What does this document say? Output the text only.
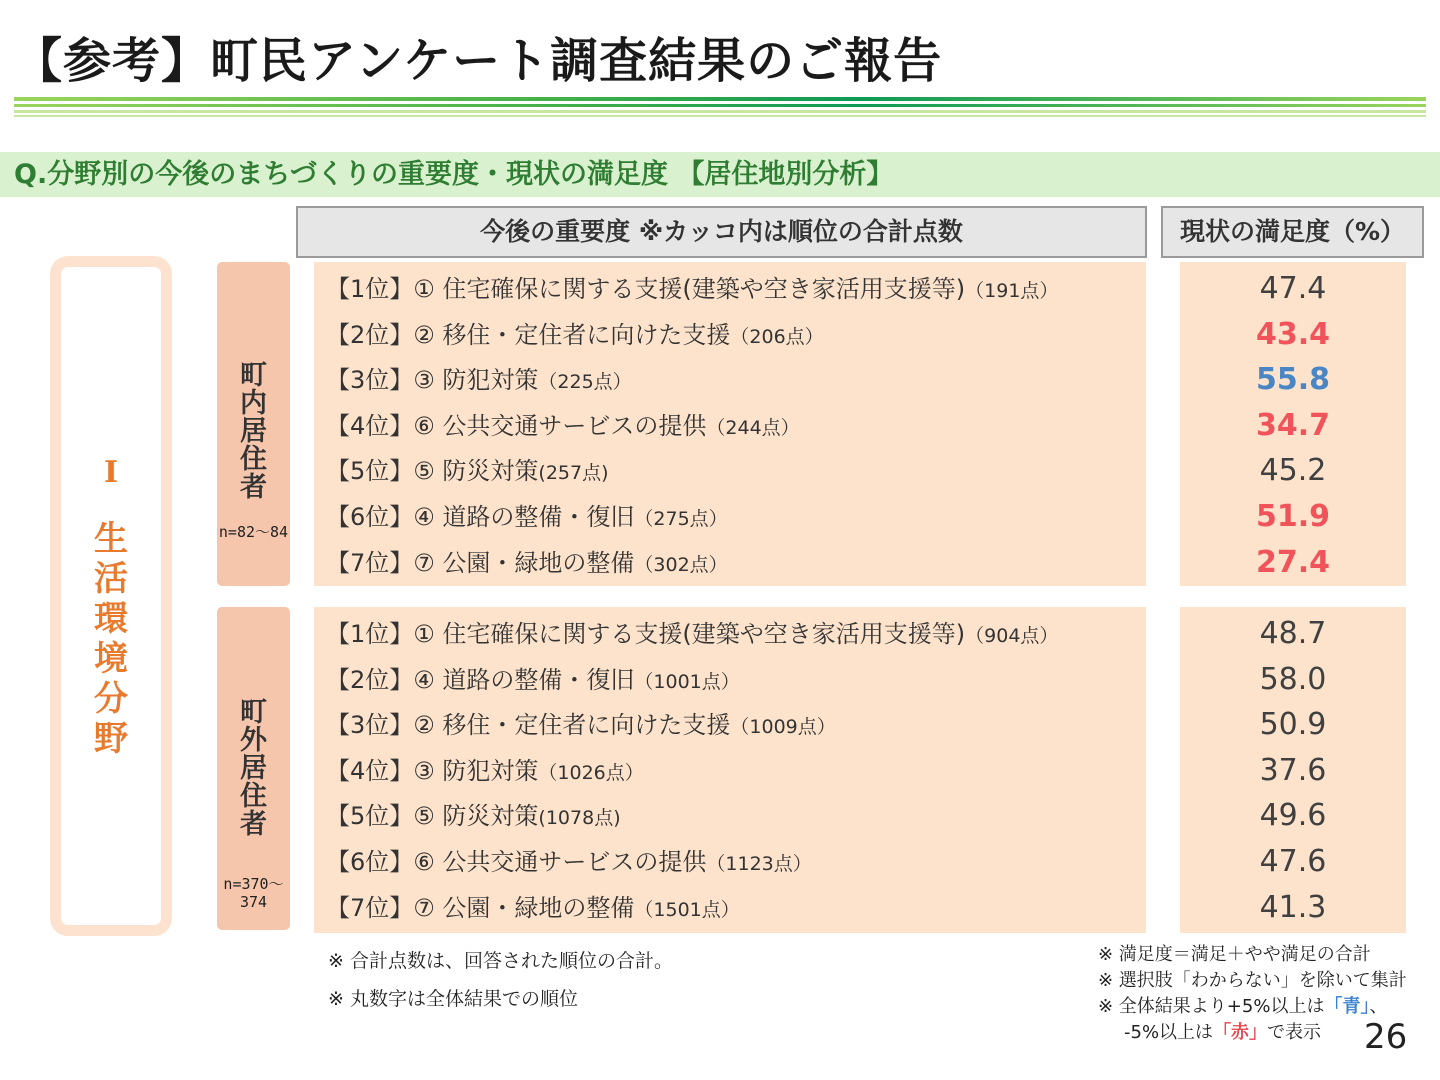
【参考】町民アンケート調査結果のご報告
Q.分野別の今後のまちづくりの重要度・現状の満足度 【居住地別分析】
今後の重要度 ※カッコ内は順位の合計点数	現状の満足度（%）
Ⅰ
生
活
環
境
分
野
町
内
居
住
者
n=82～84
【1位】① 住宅確保に関する支援(建築や空き家活用支援等)（191点）
【2位】② 移住・定住者に向けた支援（206点）
【3位】③ 防犯対策（225点）
【4位】⑥ 公共交通サービスの提供（244点）
【5位】⑤ 防災対策(257点)
【6位】④ 道路の整備・復旧（275点）
【7位】⑦ 公園・緑地の整備（302点）
47.4
43.4
55.8
34.7
45.2
51.9
27.4
町
外
居
住
者
n=370～
374
【1位】① 住宅確保に関する支援(建築や空き家活用支援等)（904点）
【2位】④ 道路の整備・復旧（1001点）
【3位】② 移住・定住者に向けた支援（1009点）
【4位】③ 防犯対策（1026点）
【5位】⑤ 防災対策(1078点)
【6位】⑥ 公共交通サービスの提供（1123点）
【7位】⑦ 公園・緑地の整備（1501点）
48.7
58.0
50.9
37.6
49.6
47.6
41.3
※ 合計点数は、回答された順位の合計。
※ 丸数字は全体結果での順位
※ 満足度＝満足＋やや満足の合計
※ 選択肢「わからない」を除いて集計
※ 全体結果より+5%以上は「青」、
-5%以上は「赤」で表示 26
